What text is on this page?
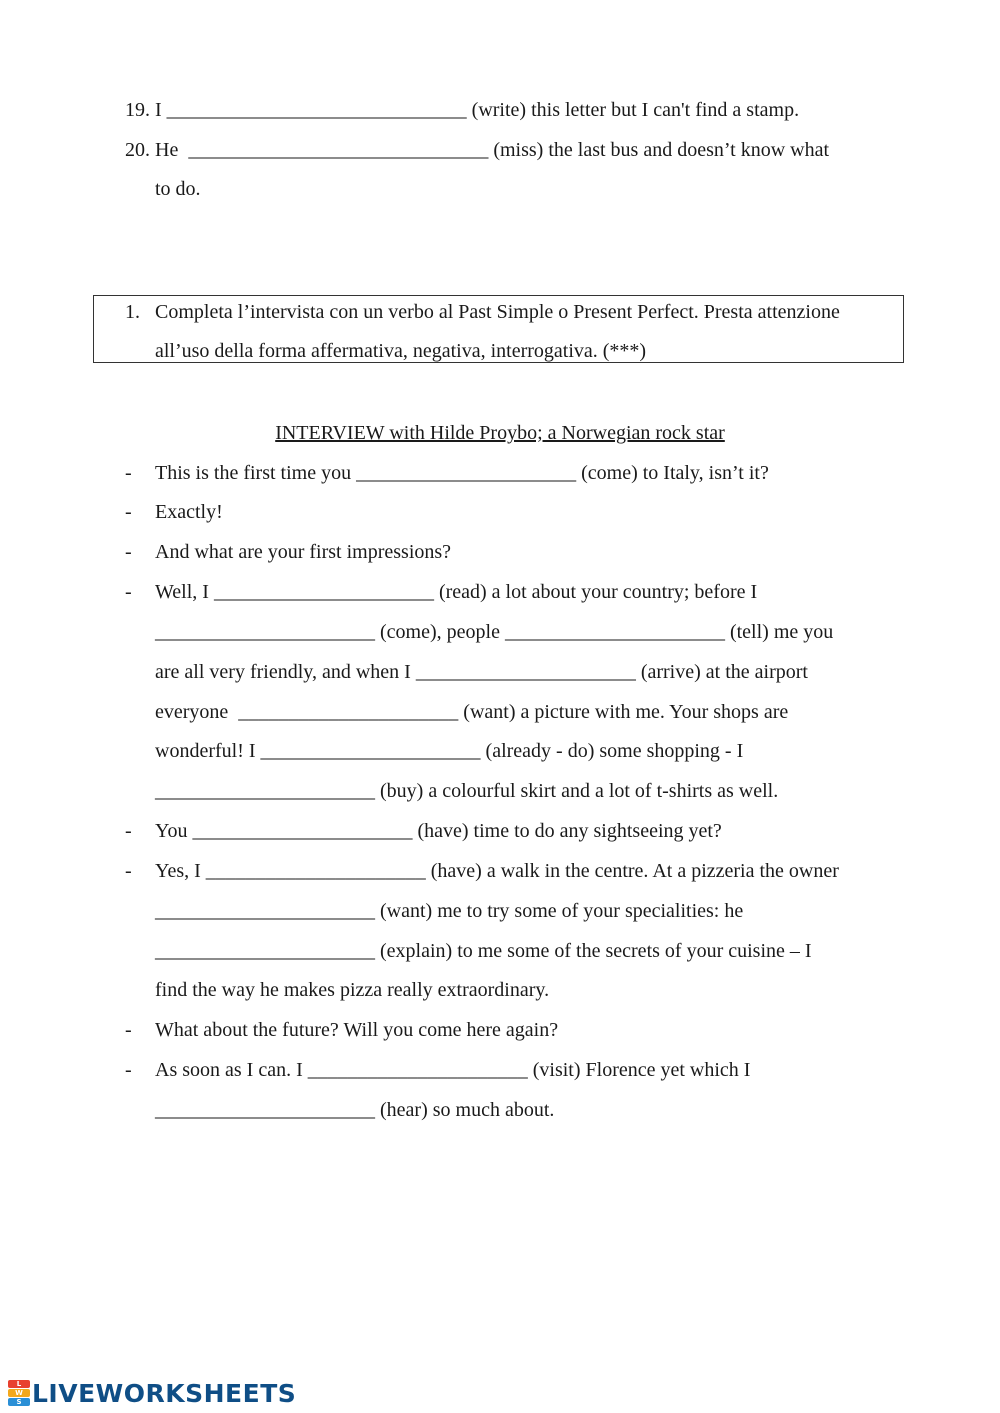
19. I ______________________________ (write) this letter but I can't find a stamp.
20. He ______________________________ (miss) the last bus and doesn’t know what
to do.
1. Completa l’intervista con un verbo al Past Simple o Present Perfect. Presta attenzione
all’uso della forma affermativa, negativa, interrogativa. (***)
INTERVIEW with Hilde Proybo; a Norwegian rock star
- This is the first time you ______________________ (come) to Italy, isn’t it?
- Exactly!
- And what are your first impressions?
- Well, I ______________________ (read) a lot about your country; before I
______________________ (come), people ______________________ (tell) me you
are all very friendly, and when I ______________________ (arrive) at the airport
everyone ______________________ (want) a picture with me. Your shops are
wonderful! I ______________________ (already - do) some shopping - I
______________________ (buy) a colourful skirt and a lot of t-shirts as well.
- You ______________________ (have) time to do any sightseeing yet?
- Yes, I ______________________ (have) a walk in the centre. At a pizzeria the owner
______________________ (want) me to try some of your specialities: he
______________________ (explain) to me some of the secrets of your cuisine – I
find the way he makes pizza really extraordinary.
- What about the future? Will you come here again?
- As soon as I can. I ______________________ (visit) Florence yet which I
______________________ (hear) so much about.
L
W
S LIVEWORKSHEETS
